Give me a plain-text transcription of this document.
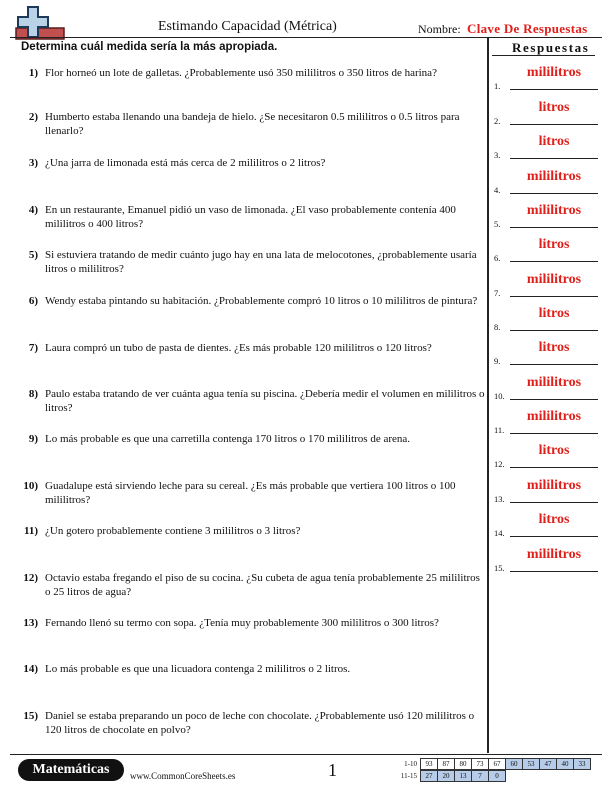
Estimando Capacidad (Métrica)	Nombre: Clave De Respuestas
Determina cuál medida sería la más apropiada.	Respuestas
1) Flor horneó un lote de galletas. ¿Probablemente usó 350 mililitros o 350 litros de harina?
2) Humberto estaba llenando una bandeja de hielo. ¿Se necesitaron 0.5 mililitros o 0.5 litros para llenarlo?
3) ¿Una jarra de limonada está más cerca de 2 mililitros o 2 litros?
4) En un restaurante, Emanuel pidió un vaso de limonada. ¿El vaso probablemente contenía 400 mililitros o 400 litros?
5) Si estuviera tratando de medir cuánto jugo hay en una lata de melocotones, ¿probablemente usaría litros o mililitros?
6) Wendy estaba pintando su habitación. ¿Probablemente compró 10 litros o 10 mililitros de pintura?
7) Laura compró un tubo de pasta de dientes. ¿Es más probable 120 mililitros o 120 litros?
8) Paulo estaba tratando de ver cuánta agua tenía su piscina. ¿Debería medir el volumen en mililitros o litros?
9) Lo más probable es que una carretilla contenga 170 litros o 170 mililitros de arena.
10) Guadalupe está sirviendo leche para su cereal. ¿Es más probable que vertiera 100 litros o 100 mililitros?
11) ¿Un gotero probablemente contiene 3 mililitros o 3 litros?
12) Octavio estaba fregando el piso de su cocina. ¿Su cubeta de agua tenía probablemente 25 mililitros o 25 litros de agua?
13) Fernando llenó su termo con sopa. ¿Tenía muy probablemente 300 mililitros o 300 litros?
14) Lo más probable es que una licuadora contenga 2 mililitros o 2 litros.
15) Daniel se estaba preparando un poco de leche con chocolate. ¿Probablemente usó 120 mililitros o 120 litros de chocolate en polvo?
1.
mililitros
2.
litros
3.
litros
4.
mililitros
5.
mililitros
6.
litros
7.
mililitros
8.
litros
9.
litros
10.
mililitros
11.
mililitros
12.
litros
13.
mililitros
14.
litros
15.
mililitros
Matemáticas	www.CommonCoreSheets.es	1	1-10	93	87	80	73	67	60	53	47	40	33
11-15	27	20	13	7	0
